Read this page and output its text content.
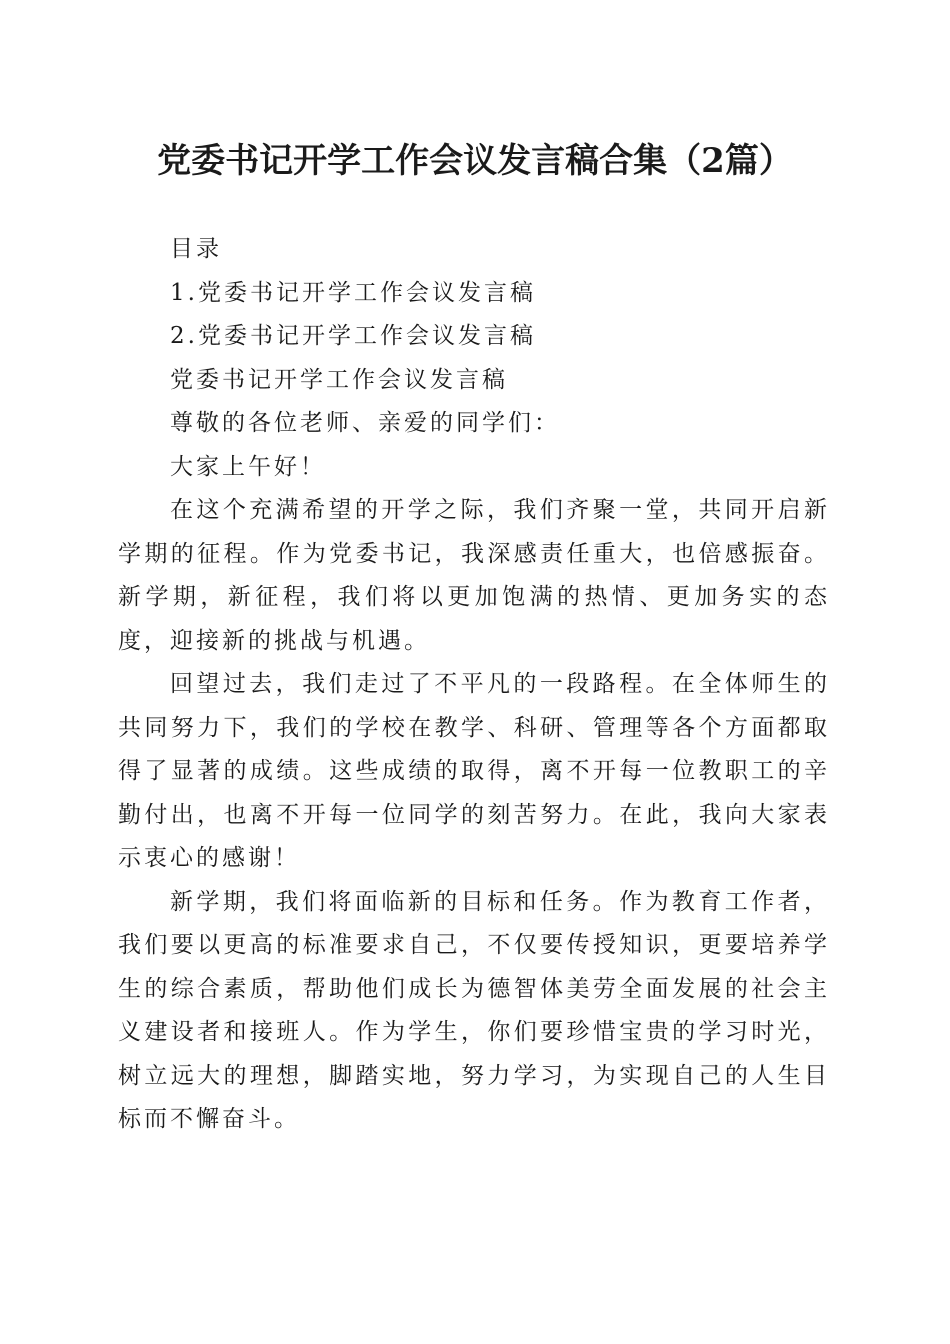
党委书记开学工作会议发言稿合集（2篇）

目录

1.党委书记开学工作会议发言稿

2.党委书记开学工作会议发言稿

党委书记开学工作会议发言稿

尊敬的各位老师、亲爱的同学们：

大家上午好！

在这个充满希望的开学之际，我们齐聚一堂，共同开启新学期的征程。作为党委书记，我深感责任重大，也倍感振奋。新学期，新征程，我们将以更加饱满的热情、更加务实的态度，迎接新的挑战与机遇。

回望过去，我们走过了不平凡的一段路程。在全体师生的共同努力下，我们的学校在教学、科研、管理等各个方面都取得了显著的成绩。这些成绩的取得，离不开每一位教职工的辛勤付出，也离不开每一位同学的刻苦努力。在此，我向大家表示衷心的感谢！

新学期，我们将面临新的目标和任务。作为教育工作者，我们要以更高的标准要求自己，不仅要传授知识，更要培养学生的综合素质，帮助他们成长为德智体美劳全面发展的社会主义建设者和接班人。作为学生，你们要珍惜宝贵的学习时光，树立远大的理想，脚踏实地，努力学习，为实现自己的人生目标而不懈奋斗。
